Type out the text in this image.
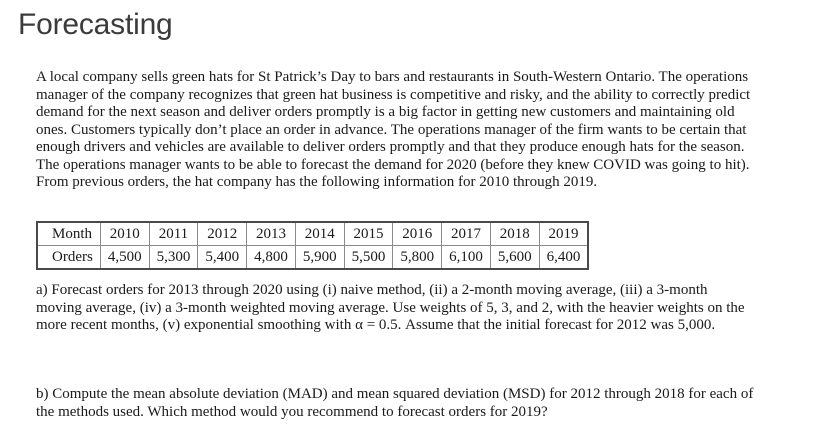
Forecasting

A local company sells green hats for St Patrick’s Day to bars and restaurants in South-Western Ontario. The operations manager of the company recognizes that green hat business is competitive and risky, and the ability to correctly predict demand for the next season and deliver orders promptly is a big factor in getting new customers and maintaining old ones. Customers typically don’t place an order in advance. The operations manager of the firm wants to be certain that enough drivers and vehicles are available to deliver orders promptly and that they produce enough hats for the season. The operations manager wants to be able to forecast the demand for 2020 (before they knew COVID was going to hit). From previous orders, the hat company has the following information for 2010 through 2019.

Month	2010	2011	2012	2013	2014	2015	2016	2017	2018	2019
Orders	4,500	5,300	5,400	4,800	5,900	5,500	5,800	6,100	5,600	6,400

a) Forecast orders for 2013 through 2020 using (i) naive method, (ii) a 2-month moving average, (iii) a 3-month moving average, (iv) a 3-month weighted moving average. Use weights of 5, 3, and 2, with the heavier weights on the more recent months, (v) exponential smoothing with α = 0.5. Assume that the initial forecast for 2012 was 5,000.

b) Compute the mean absolute deviation (MAD) and mean squared deviation (MSD) for 2012 through 2018 for each of the methods used. Which method would you recommend to forecast orders for 2019?
